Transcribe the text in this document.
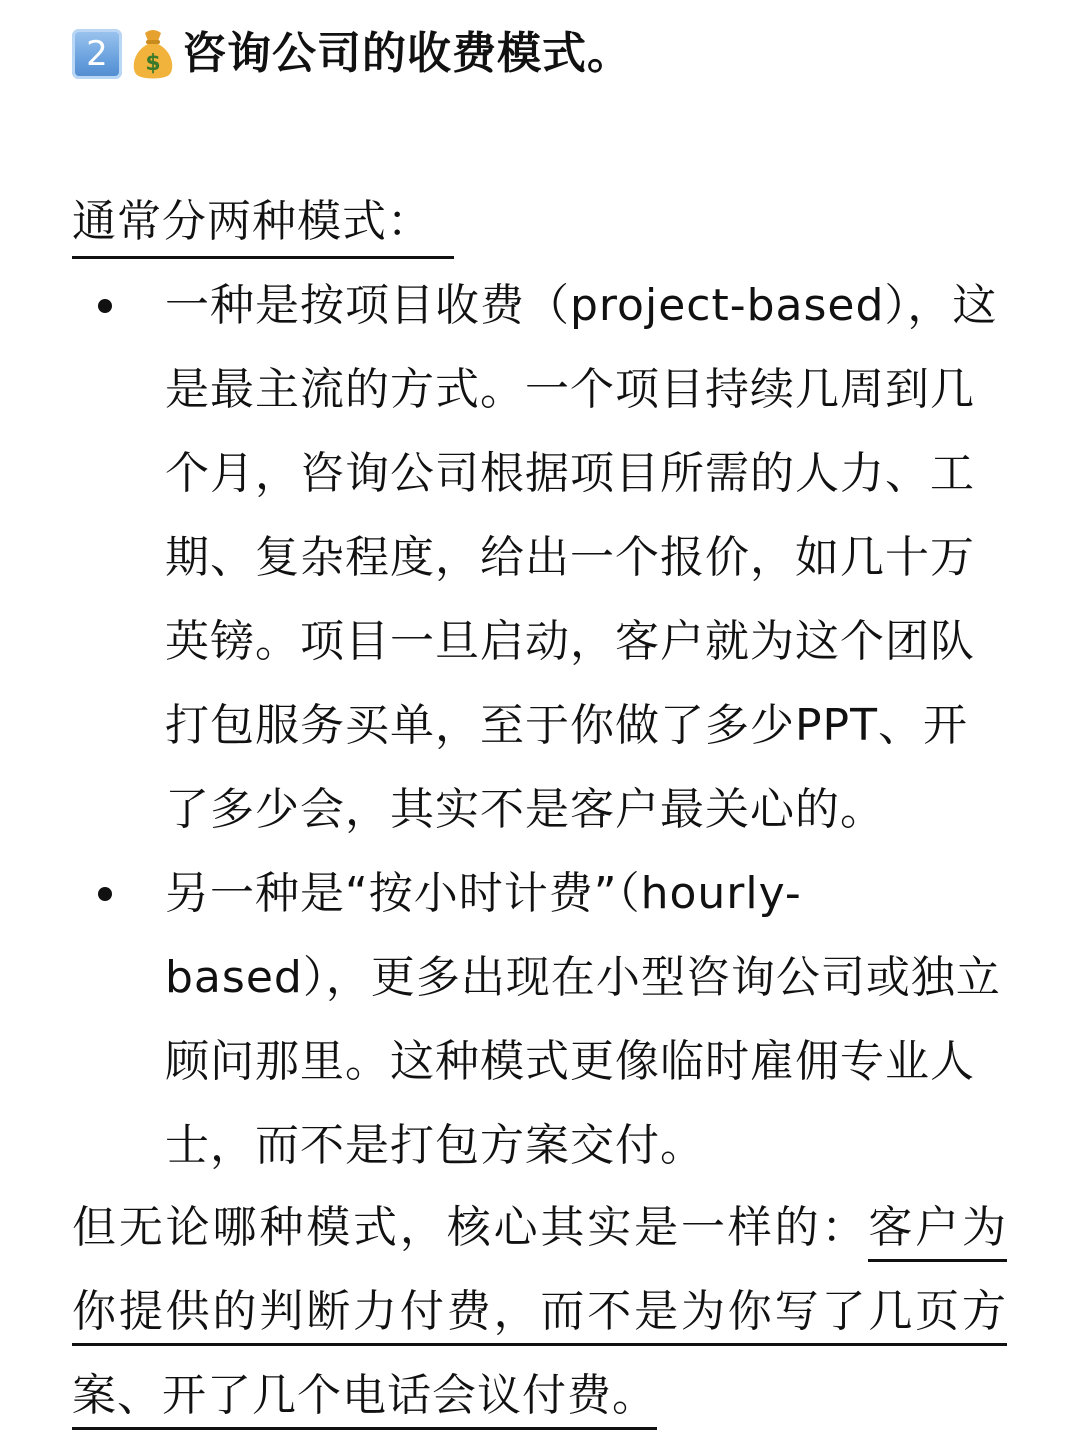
2 $ 咨询公司的收费模式。
通常分两种模式：
一种是按项目收费（project-based），这是最主流的方式。一个项目持续几周到几个月，咨询公司根据项目所需的人力、工期、复杂程度，给出一个报价，如几十万英镑。项目一旦启动，客户就为这个团队打包服务买单，至于你做了多少PPT、开了多少会，其实不是客户最关心的。
另一种是“按小时计费”（hourly-based），更多出现在小型咨询公司或独立顾问那里。这种模式更像临时雇佣专业人士，而不是打包方案交付。
但无论哪种模式，核心其实是一样的：客户为你提供的判断力付费，而不是为你写了几页方案、开了几个电话会议付费。
